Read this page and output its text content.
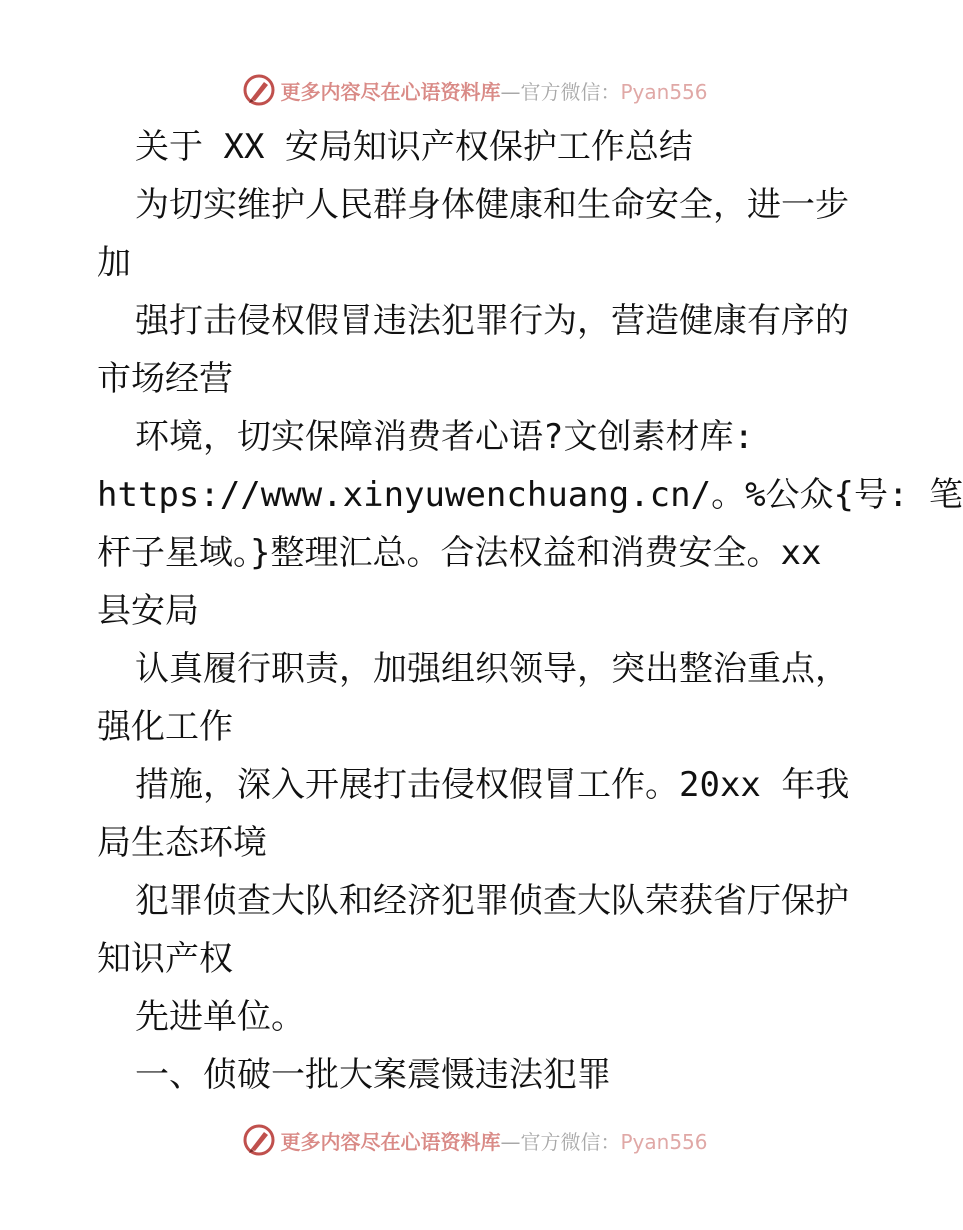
更多内容尽在心语资料库—官方微信：Pyan556
关于 XX 安局知识产权保护工作总结
为切实维护人民群身体健康和生命安全，进一步
加
强打击侵权假冒违法犯罪行为，营造健康有序的
市场经营
环境，切实保障消费者心语?文创素材库:
https://www.xinyuwenchuang.cn/。%公众{号: 笔
杆子星域。}整理汇总。合法权益和消费安全。xx
县安局
认真履行职责，加强组织领导，突出整治重点，
强化工作
措施，深入开展打击侵权假冒工作。20xx 年我
局生态环境
犯罪侦查大队和经济犯罪侦查大队荣获省厅保护
知识产权
先进单位。
一、侦破一批大案震慑违法犯罪
更多内容尽在心语资料库—官方微信：Pyan556
